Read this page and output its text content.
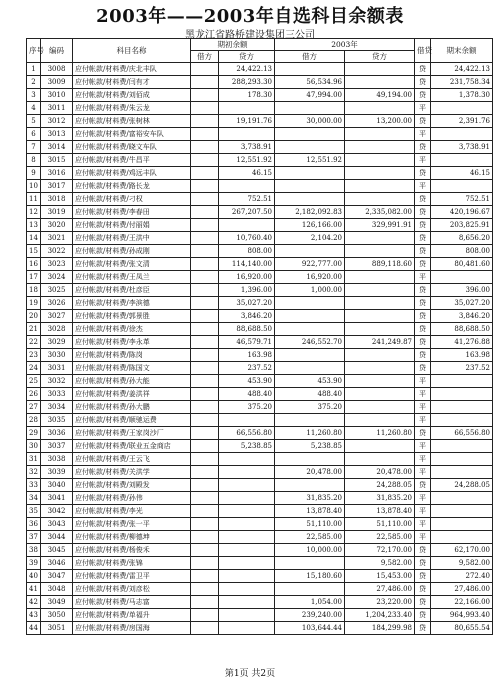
2003年——2003年自选科目余额表
黑龙江省路桥建设集团三公司
序号	编码	科目名称	期初余额		2003年		借贷	期末余额
			借方	贷方	借方	贷方		
1	3008	应付帐款/材料费/庆北丰队		24,422.13			贷	24,422.13
2	3009	应付帐款/材料费/闫有才		288,293.30	56,534.96		贷	231,758.34
3	3010	应付帐款/材料费/刘佰成		178.30	47,994.00	49,194.00	贷	1,378.30
4	3011	应付帐款/材料费/朱云龙					平	
5	3012	应付帐款/材料费/张树林		19,191.76	30,000.00	13,200.00	贷	2,391.76
6	3013	应付帐款/材料费/富裕安车队					平	
7	3014	应付帐款/材料费/晓文车队		3,738.91			贷	3,738.91
8	3015	应付帐款/材料费/牛昌平		12,551.92	12,551.92		平	
9	3016	应付帐款/材料费/鸡远丰队		46.15			贷	46.15
10	3017	应付帐款/材料费/路长龙					平	
11	3018	应付帐款/材料费/刁权		752.51			贷	752.51
12	3019	应付帐款/材料费/李春田		267,207.50	2,182,092.83	2,335,082.00	贷	420,196.67
13	3020	应付帐款/材料费/付丽娟			126,166.00	329,991.91	贷	203,825.91
14	3021	应付帐款/材料费/王洪中		10,760.40	2,104.20		贷	8,656.20
15	3022	应付帐款/材料费/孙成刚		808.00			贷	808.00
16	3023	应付帐款/材料费/张文清		114,140.00	922,777.00	889,118.60	贷	80,481.60
17	3024	应付帐款/材料费/王凤兰		16,920.00	16,920.00		平	
18	3025	应付帐款/材料费/杜彦臣		1,396.00	1,000.00		贷	396.00
19	3026	应付帐款/材料费/李滨德		35,027.20			贷	35,027.20
20	3027	应付帐款/材料费/郭景胜		3,846.20			贷	3,846.20
21	3028	应付帐款/材料费/徐杰		88,688.50			贷	88,688.50
22	3029	应付帐款/材料费/李永革		46,579.71	246,552.70	241,249.87	贷	41,276.88
23	3030	应付帐款/材料费/陈岗		163.98			贷	163.98
24	3031	应付帐款/材料费/陈国文		237.52			贷	237.52
25	3032	应付帐款/材料费/孙大能		453.90	453.90		平	
26	3033	应付帐款/材料费/姜洪祥		488.40	488.40		平	
27	3034	应付帐款/材料费/孙大鹏		375.20	375.20		平	
28	3035	应付帐款/材料费/顺驰运费					平	
29	3036	应付帐款/材料费/王家岗沙厂		66,556.80	11,260.80	11,260.80	贷	66,556.80
30	3037	应付帐款/材料费/联业五金商店		5,238.85	5,238.85		平	
31	3038	应付帐款/材料费/王云飞					平	
32	3039	应付帐款/材料费/关洪学			20,478.00	20,478.00	平	
33	3040	应付帐款/材料费/刘殿发				24,288.05	贷	24,288.05
34	3041	应付帐款/材料费/孙伟			31,835.20	31,835.20	平	
35	3042	应付帐款/材料费/李光			13,878.40	13,878.40	平	
36	3043	应付帐款/材料费/张一平			51,110.00	51,110.00	平	
37	3044	应付帐款/材料费/柳德坤			22,585.00	22,585.00	平	
38	3045	应付帐款/材料费/杨俊禾			10,000.00	72,170.00	贷	62,170.00
39	3046	应付帐款/材料费/张锦				9,582.00	贷	9,582.00
40	3047	应付帐款/材料费/雷卫平			15,180.60	15,453.00	贷	272.40
41	3048	应付帐款/材料费/刘彦松				27,486.00	贷	27,486.00
42	3049	应付帐款/材料费/马志富			1,054.00	23,220.00	贷	22,166.00
43	3050	应付帐款/材料费/单福升			239,240.00	1,204,233.40	贷	964,993.40
44	3051	应付帐款/材料费/房国海			103,644.44	184,299.98	贷	80,655.54
第1页 共2页
